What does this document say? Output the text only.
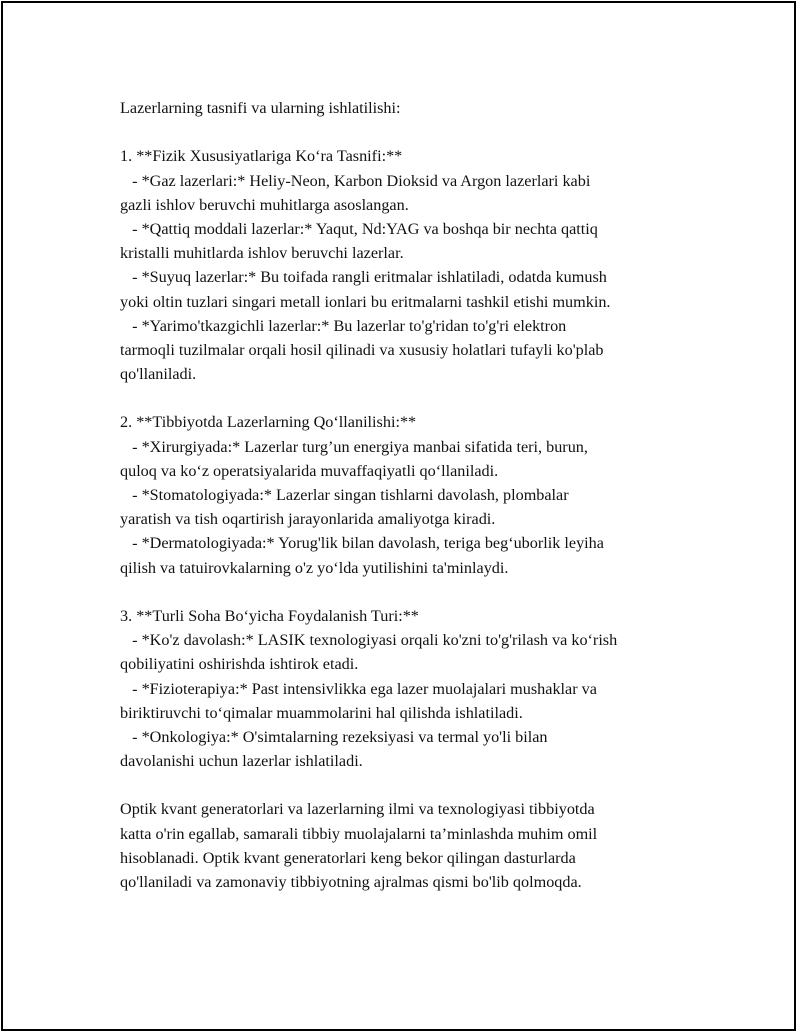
Lazerlarning tasnifi va ularning ishlatilishi:
1. **Fizik Xususiyatlariga Ko‘ra Tasnifi:**
- *Gaz lazerlari:* Heliy-Neon, Karbon Dioksid va Argon lazerlari kabi
gazli ishlov beruvchi muhitlarga asoslangan.
- *Qattiq moddali lazerlar:* Yaqut, Nd:YAG va boshqa bir nechta qattiq
kristalli muhitlarda ishlov beruvchi lazerlar.
- *Suyuq lazerlar:* Bu toifada rangli eritmalar ishlatiladi, odatda kumush
yoki oltin tuzlari singari metall ionlari bu eritmalarni tashkil etishi mumkin.
- *Yarimo'tkazgichli lazerlar:* Bu lazerlar to'g'ridan to'g'ri elektron
tarmoqli tuzilmalar orqali hosil qilinadi va xususiy holatlari tufayli ko'plab
qo'llaniladi.
2. **Tibbiyotda Lazerlarning Qo‘llanilishi:**
- *Xirurgiyada:* Lazerlar turg’un energiya manbai sifatida teri, burun,
quloq va ko‘z operatsiyalarida muvaffaqiyatli qo‘llaniladi.
- *Stomatologiyada:* Lazerlar singan tishlarni davolash, plombalar
yaratish va tish oqartirish jarayonlarida amaliyotga kiradi.
- *Dermatologiyada:* Yorug'lik bilan davolash, teriga beg‘uborlik leyiha
qilish va tatuirovkalarning o'z yo‘lda yutilishini ta'minlaydi.
3. **Turli Soha Bo‘yicha Foydalanish Turi:**
- *Ko'z davolash:* LASIK texnologiyasi orqali ko'zni to'g'rilash va ko‘rish
qobiliyatini oshirishda ishtirok etadi.
- *Fizioterapiya:* Past intensivlikka ega lazer muolajalari mushaklar va
biriktiruvchi to‘qimalar muammolarini hal qilishda ishlatiladi.
- *Onkologiya:* O'simtalarning rezeksiyasi va termal yo'li bilan
davolanishi uchun lazerlar ishlatiladi.
Optik kvant generatorlari va lazerlarning ilmi va texnologiyasi tibbiyotda
katta o'rin egallab, samarali tibbiy muolajalarni ta’minlashda muhim omil
hisoblanadi. Optik kvant generatorlari keng bekor qilingan dasturlarda
qo'llaniladi va zamonaviy tibbiyotning ajralmas qismi bo'lib qolmoqda.
